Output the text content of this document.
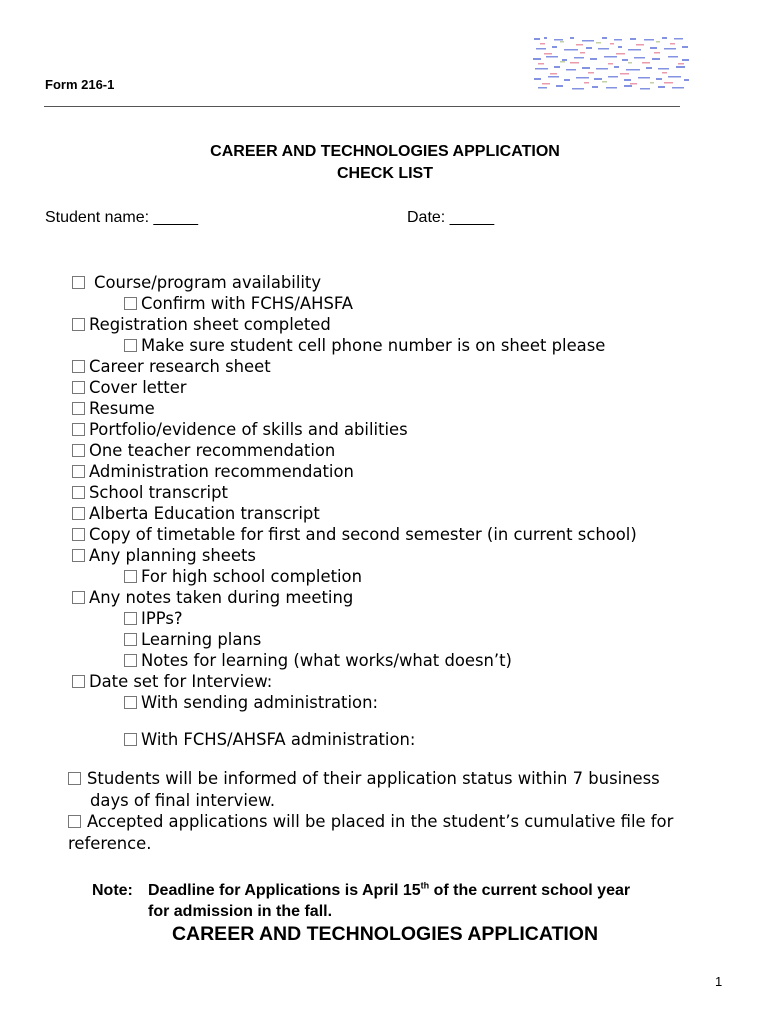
Form 216-1
CAREER AND TECHNOLOGIES APPLICATION
CHECK LIST
Student name: _____	Date: _____
Course/program availability
Confirm with FCHS/AHSFA
Registration sheet completed
Make sure student cell phone number is on sheet please
Career research sheet
Cover letter
Resume
Portfolio/evidence of skills and abilities
One teacher recommendation
Administration recommendation
School transcript
Alberta Education transcript
Copy of timetable for first and second semester (in current school)
Any planning sheets
For high school completion
Any notes taken during meeting
IPPs?
Learning plans
Notes for learning (what works/what doesn’t)
Date set for Interview:
With sending administration:
With FCHS/AHSFA administration:
Students will be informed of their application status within 7 business
days of final interview.
Accepted applications will be placed in the student’s cumulative file for
reference.
Note: Deadline for Applications is April 15th of the current school year
for admission in the fall.
CAREER AND TECHNOLOGIES APPLICATION
1
